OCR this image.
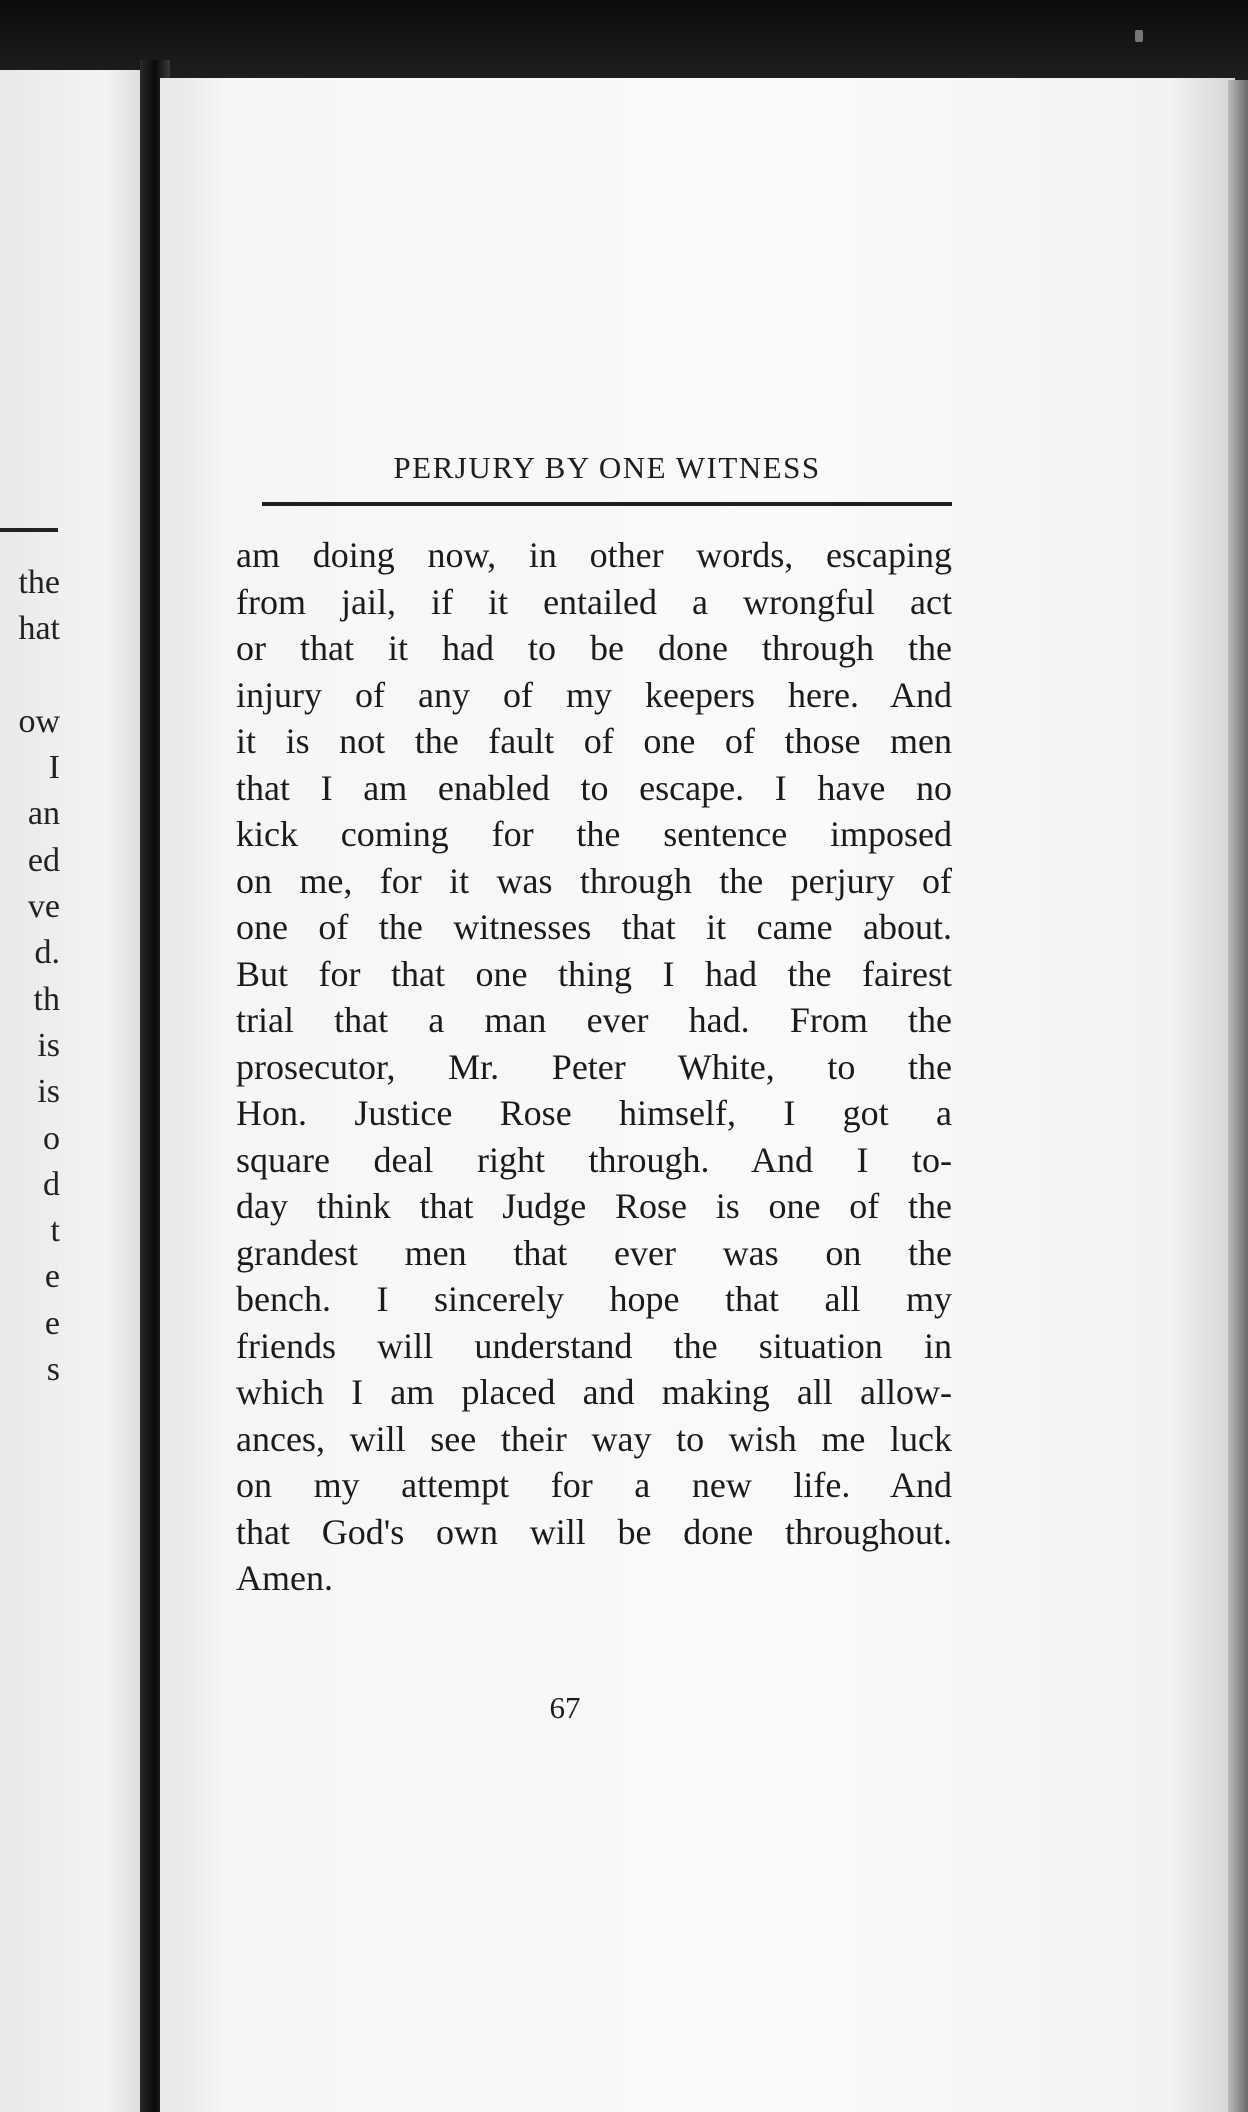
the
hat
ow
I
an
ed
ve
d.
th
is
is
o
d
t
e
e
s
PERJURY BY ONE WITNESS
am doing now, in other words, escaping
from jail, if it entailed a wrongful act
or that it had to be done through the
injury of any of my keepers here. And
it is not the fault of one of those men
that I am enabled to escape. I have no
kick coming for the sentence imposed
on me, for it was through the perjury of
one of the witnesses that it came about.
But for that one thing I had the fairest
trial that a man ever had. From the
prosecutor, Mr. Peter White, to the
Hon. Justice Rose himself, I got a
square deal right through. And I to-
day think that Judge Rose is one of the
grandest men that ever was on the
bench. I sincerely hope that all my
friends will understand the situation in
which I am placed and making all allow-
ances, will see their way to wish me luck
on my attempt for a new life. And
that God's own will be done throughout.
Amen.
67
